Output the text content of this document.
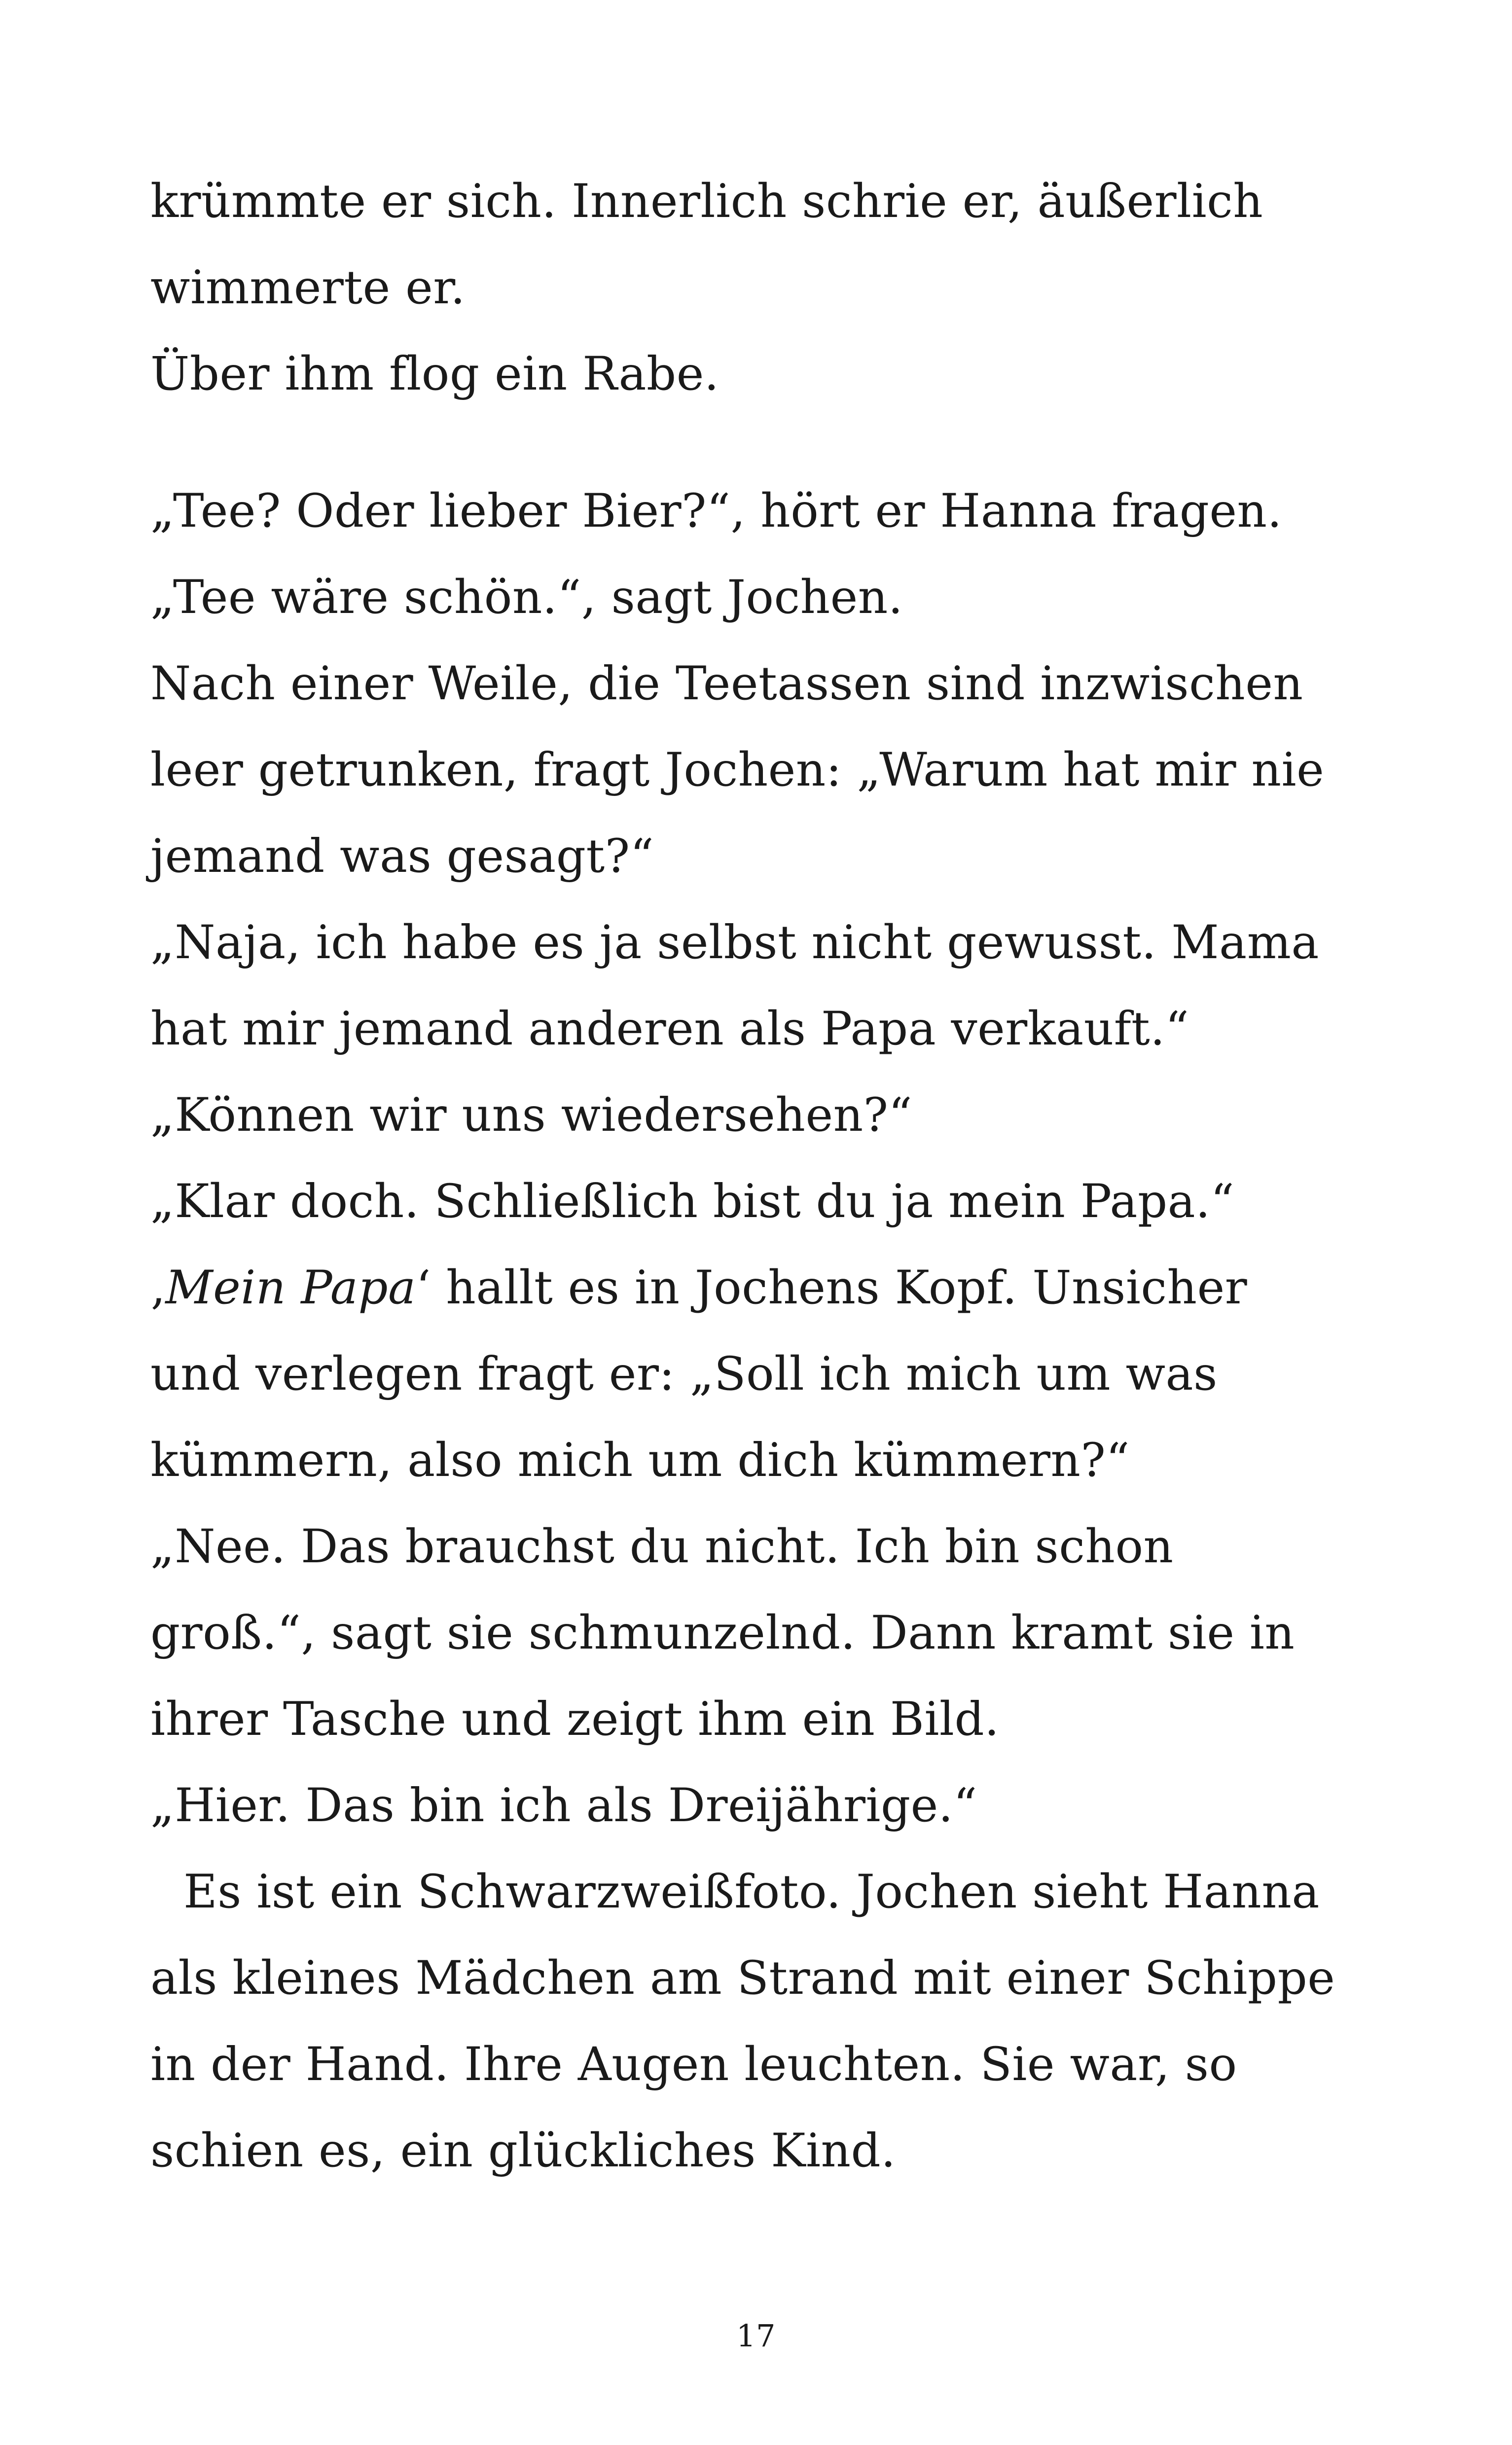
krümmte er sich. Innerlich schrie er, äußerlich
wimmerte er.
Über ihm flog ein Rabe.
„Tee? Oder lieber Bier?“, hört er Hanna fragen.
„Tee wäre schön.“, sagt Jochen.
Nach einer Weile, die Teetassen sind inzwischen
leer getrunken, fragt Jochen: „Warum hat mir nie
jemand was gesagt?“
„Naja, ich habe es ja selbst nicht gewusst. Mama
hat mir jemand anderen als Papa verkauft.“
„Können wir uns wiedersehen?“
„Klar doch. Schließlich bist du ja mein Papa.“
‚Mein Papa‘ hallt es in Jochens Kopf. Unsicher
und verlegen fragt er: „Soll ich mich um was
kümmern, also mich um dich kümmern?“
„Nee. Das brauchst du nicht. Ich bin schon
groß.“, sagt sie schmunzelnd. Dann kramt sie in
ihrer Tasche und zeigt ihm ein Bild.
„Hier. Das bin ich als Dreijährige.“
Es ist ein Schwarzweißfoto. Jochen sieht Hanna
als kleines Mädchen am Strand mit einer Schippe
in der Hand. Ihre Augen leuchten. Sie war, so
schien es, ein glückliches Kind.
17
